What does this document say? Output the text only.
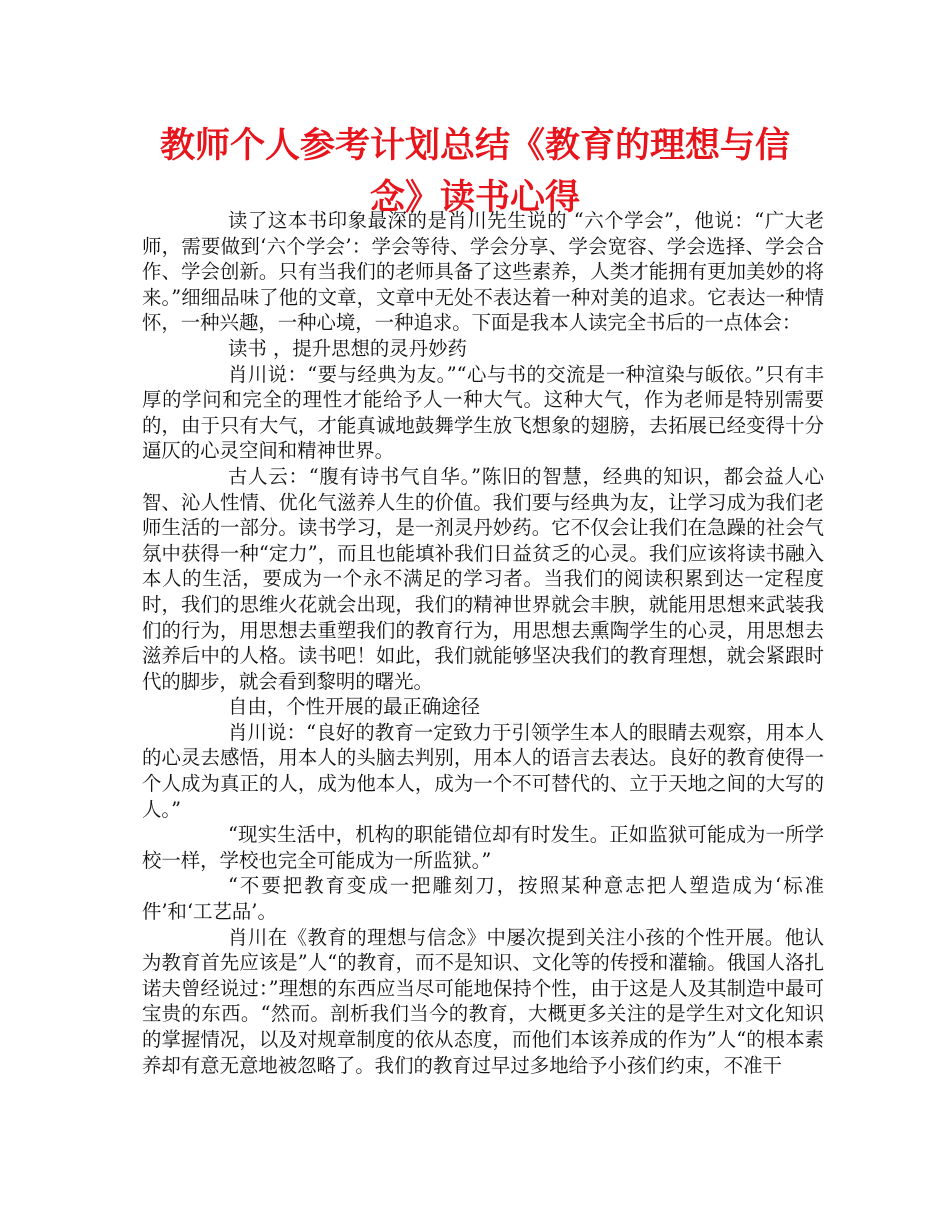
教师个人参考计划总结《教育的理想与信念》读书心得

读了这本书印象最深的是肖川先生说的 “六个学会”，他说：“广大老师，需要做到‘六个学会’：学会等待、学会分享、学会宽容、学会选择、学会合作、学会创新。只有当我们的老师具备了这些素养，人类才能拥有更加美妙的将来。”细细品味了他的文章，文章中无处不表达着一种对美的追求。它表达一种情怀，一种兴趣，一种心境，一种追求。下面是我本人读完全书后的一点体会：

读书 ，提升思想的灵丹妙药

肖川说：“要与经典为友。”“心与书的交流是一种渲染与皈依。”只有丰厚的学问和完全的理性才能给予人一种大气。这种大气，作为老师是特别需要的，由于只有大气，才能真诚地鼓舞学生放飞想象的翅膀，去拓展已经变得十分逼仄的心灵空间和精神世界。

古人云：“腹有诗书气自华。”陈旧的智慧，经典的知识，都会益人心智、沁人性情、优化气滋养人生的价值。我们要与经典为友，让学习成为我们老师生活的一部分。读书学习，是一剂灵丹妙药。它不仅会让我们在急躁的社会气氛中获得一种“定力”，而且也能填补我们日益贫乏的心灵。我们应该将读书融入本人的生活，要成为一个永不满足的学习者。当我们的阅读积累到达一定程度时，我们的思维火花就会出现，我们的精神世界就会丰腴，就能用思想来武装我们的行为，用思想去重塑我们的教育行为，用思想去熏陶学生的心灵，用思想去滋养后中的人格。读书吧！如此，我们就能够坚决我们的教育理想，就会紧跟时代的脚步，就会看到黎明的曙光。

自由，个性开展的最正确途径

肖川说：“良好的教育一定致力于引领学生本人的眼睛去观察，用本人的心灵去感悟，用本人的头脑去判别，用本人的语言去表达。良好的教育使得一个人成为真正的人，成为他本人，成为一个不可替代的、立于天地之间的大写的人。”

“现实生活中，机构的职能错位却有时发生。正如监狱可能成为一所学校一样，学校也完全可能成为一所监狱。”

“不要把教育变成一把雕刻刀，按照某种意志把人塑造成为‘标准件’和‘工艺品’。

肖川在《教育的理想与信念》中屡次提到关注小孩的个性开展。他认为教育首先应该是”人“的教育，而不是知识、文化等的传授和灌输。俄国人洛扎诺夫曾经说过：”理想的东西应当尽可能地保持个性，由于这是人及其制造中最可宝贵的东西。“然而。剖析我们当今的教育，大概更多关注的是学生对文化知识的掌握情况，以及对规章制度的依从态度，而他们本该养成的作为”人“的根本素养却有意无意地被忽略了。我们的教育过早过多地给予小孩们约束，不准干
